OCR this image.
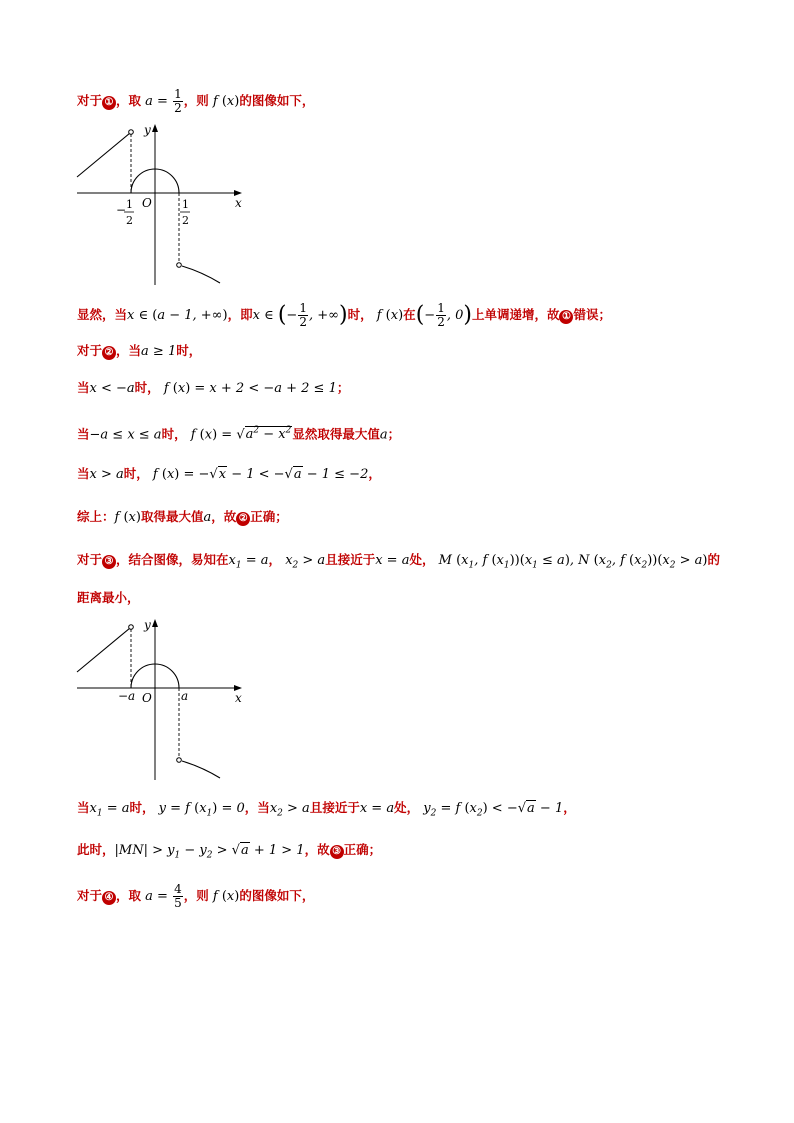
对于 ① ，取 $a = \frac{1}{2}$ ，则 f (x)的图像如下，
y
x
O
− 1
2
1
2
显然，当x ∈ (a − 1, +∞)，即x ∈ (− $\frac{1}{2}$ , +∞)时， f (x)在(− $\frac{1}{2}$ , 0)上单调递增，故 ① 错误；
对于 ② ，当a ≥ 1时，
当x < −a时， f (x) = x + 2 < −a + 2 ≤ 1；
当−a ≤ x ≤ a时， f $(x) = √a^2 - x^2$显然取得最大值a；
当x > a时， f (x) = −√x − 1 < −√a − 1 ≤ −2，
综上：f (x)取得最大值a，故 ② 正确；
对于 ③ ，结合图像，易知在$x_1 = a$， $x_2 > a$且接近于x = a处， M ($x_1$, f $(x_1))(x_1 \le a)$, N ($x_2$, f $(x_2))(x_2 > a)$的
距离最小，
y
x
O
−a	a
当$x_1 = a$时， y = f $(x_1) = 0$，当$x_2 > a$且接近于x = a处， $y_2 = f$ $(x_2) < -√a - 1$，
此时，$|MN| > y_1 - y_2 > √a + 1 > 1$，故 ③ 正确；
对于 ④ ，取 $a = \frac{4}{5}$ ，则 f (x)的图像如下，
